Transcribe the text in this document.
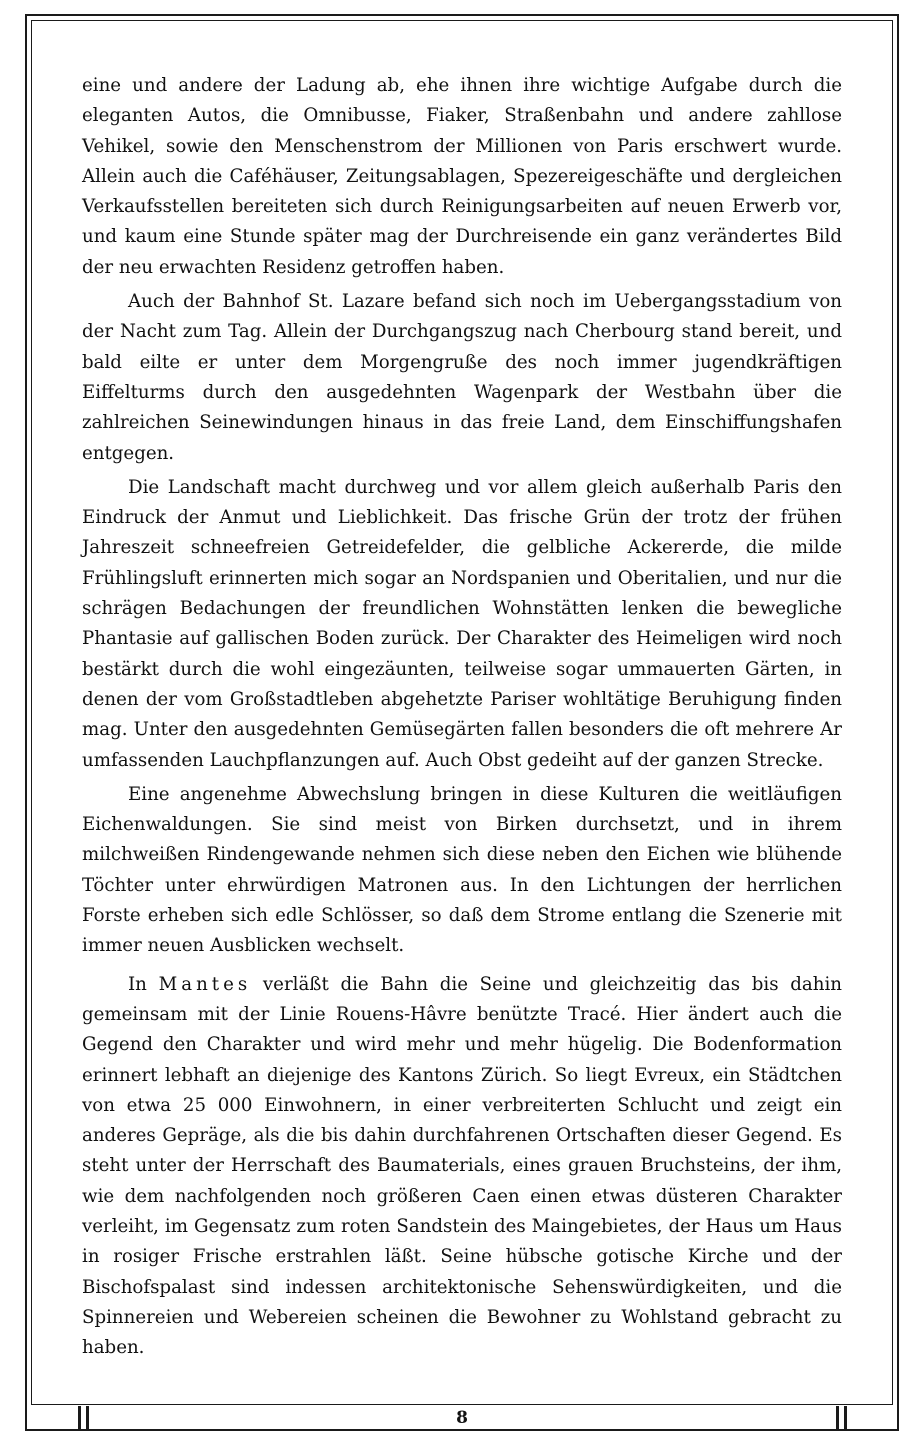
eine und andere der Ladung ab, ehe ihnen ihre wichtige Aufgabe durch die eleganten Autos, die Omnibusse, Fiaker, Straßenbahn und andere zahllose Vehikel, sowie den Menschenstrom der Millionen von Paris erschwert wurde. Allein auch die Caféhäuser, Zeitungsablagen, Spezereigeschäfte und dergleichen Verkaufsstellen bereiteten sich durch Reinigungsarbeiten auf neuen Erwerb vor, und kaum eine Stunde später mag der Durchreisende ein ganz verändertes Bild der neu erwachten Residenz getroffen haben.

Auch der Bahnhof St. Lazare befand sich noch im Uebergangsstadium von der Nacht zum Tag. Allein der Durchgangszug nach Cherbourg stand bereit, und bald eilte er unter dem Morgengruße des noch immer jugendkräftigen Eiffelturms durch den ausgedehnten Wagenpark der Westbahn über die zahlreichen Seinewindungen hinaus in das freie Land, dem Einschiffungshafen entgegen.

Die Landschaft macht durchweg und vor allem gleich außerhalb Paris den Eindruck der Anmut und Lieblichkeit. Das frische Grün der trotz der frühen Jahreszeit schneefreien Getreidefelder, die gelbliche Ackererde, die milde Frühlingsluft erinnerten mich sogar an Nordspanien und Oberitalien, und nur die schrägen Bedachungen der freundlichen Wohnstätten lenken die bewegliche Phantasie auf gallischen Boden zurück. Der Charakter des Heimeligen wird noch bestärkt durch die wohl eingezäunten, teilweise sogar ummauerten Gärten, in denen der vom Großstadtleben abgehetzte Pariser wohltätige Beruhigung finden mag. Unter den ausgedehnten Gemüsegärten fallen besonders die oft mehrere Ar umfassenden Lauchpflanzungen auf. Auch Obst gedeiht auf der ganzen Strecke.

Eine angenehme Abwechslung bringen in diese Kulturen die weitläufigen Eichenwaldungen. Sie sind meist von Birken durchsetzt, und in ihrem milchweißen Rindengewande nehmen sich diese neben den Eichen wie blühende Töchter unter ehrwürdigen Matronen aus. In den Lichtungen der herrlichen Forste erheben sich edle Schlösser, so daß dem Strome entlang die Szenerie mit immer neuen Ausblicken wechselt.

In Mantes verläßt die Bahn die Seine und gleichzeitig das bis dahin gemeinsam mit der Linie Rouens-Hâvre benützte Tracé. Hier ändert auch die Gegend den Charakter und wird mehr und mehr hügelig. Die Bodenformation erinnert lebhaft an diejenige des Kantons Zürich. So liegt Evreux, ein Städtchen von etwa 25 000 Einwohnern, in einer verbreiterten Schlucht und zeigt ein anderes Gepräge, als die bis dahin durchfahrenen Ortschaften dieser Gegend. Es steht unter der Herrschaft des Baumaterials, eines grauen Bruchsteins, der ihm, wie dem nachfolgenden noch größeren Caen einen etwas düsteren Charakter verleiht, im Gegensatz zum roten Sandstein des Maingebietes, der Haus um Haus in rosiger Frische erstrahlen läßt. Seine hübsche gotische Kirche und der Bischofspalast sind indessen architektonische Sehenswürdigkeiten, und die Spinnereien und Webereien scheinen die Bewohner zu Wohlstand gebracht zu haben.

8
